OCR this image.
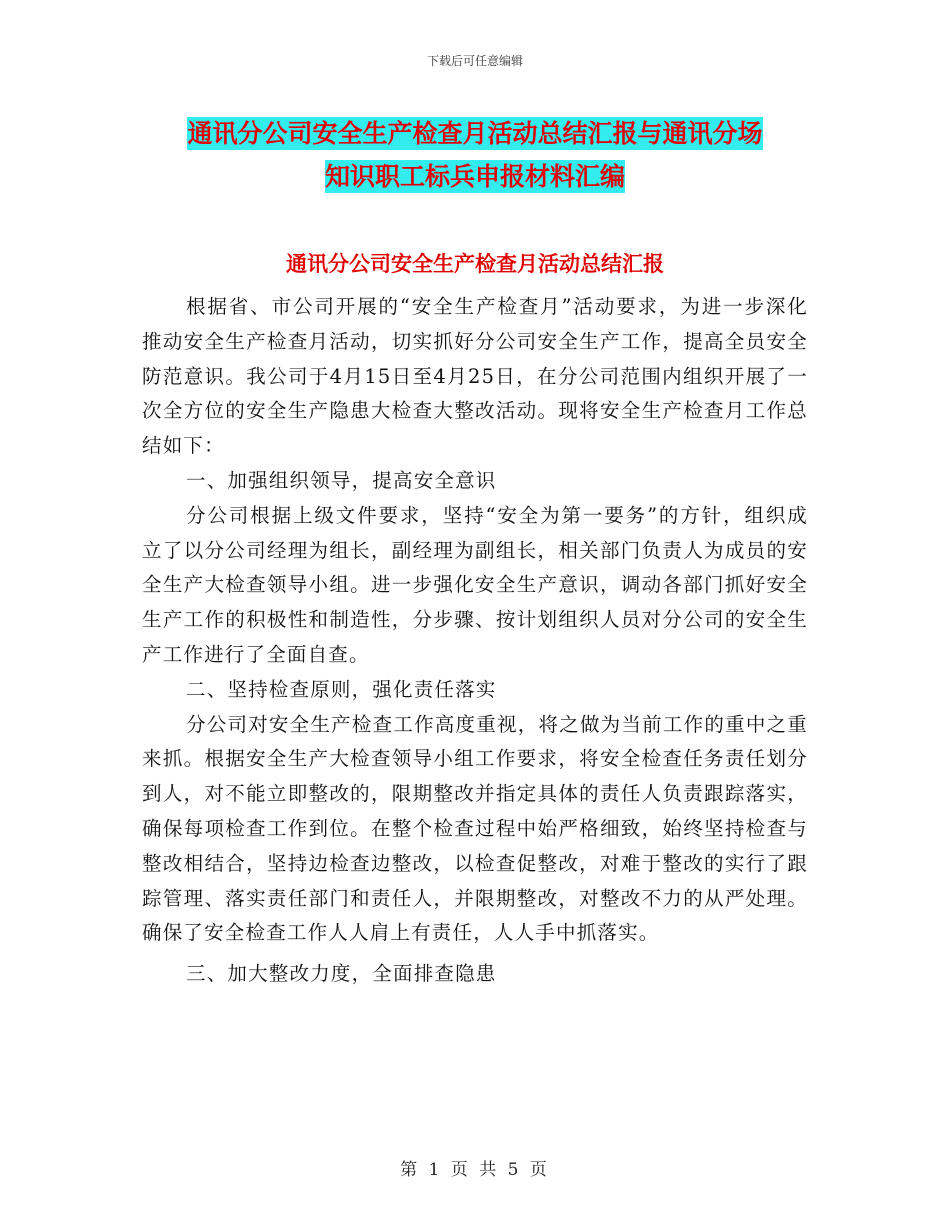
下载后可任意编辑
通讯分公司安全生产检查月活动总结汇报与通讯分场
知识职工标兵申报材料汇编
通讯分公司安全生产检查月活动总结汇报

根据省、市公司开展的“安全生产检查月”活动要求，为进一步深化推动安全生产检查月活动，切实抓好分公司安全生产工作，提高全员安全防范意识。我公司于4月15日至4月25日，在分公司范围内组织开展了一次全方位的安全生产隐患大检查大整改活动。现将安全生产检查月工作总结如下：

一、加强组织领导，提高安全意识

分公司根据上级文件要求，坚持“安全为第一要务”的方针，组织成立了以分公司经理为组长，副经理为副组长，相关部门负责人为成员的安全生产大检查领导小组。进一步强化安全生产意识，调动各部门抓好安全生产工作的积极性和制造性，分步骤、按计划组织人员对分公司的安全生产工作进行了全面自查。

二、坚持检查原则，强化责任落实

分公司对安全生产检查工作高度重视，将之做为当前工作的重中之重来抓。根据安全生产大检查领导小组工作要求，将安全检查任务责任划分到人，对不能立即整改的，限期整改并指定具体的责任人负责跟踪落实，确保每项检查工作到位。在整个检查过程中始严格细致，始终坚持检查与整改相结合，坚持边检查边整改，以检查促整改，对难于整改的实行了跟踪管理、落实责任部门和责任人，并限期整改，对整改不力的从严处理。确保了安全检查工作人人肩上有责任，人人手中抓落实。

三、加大整改力度，全面排查隐患

第 1 页 共 5 页
